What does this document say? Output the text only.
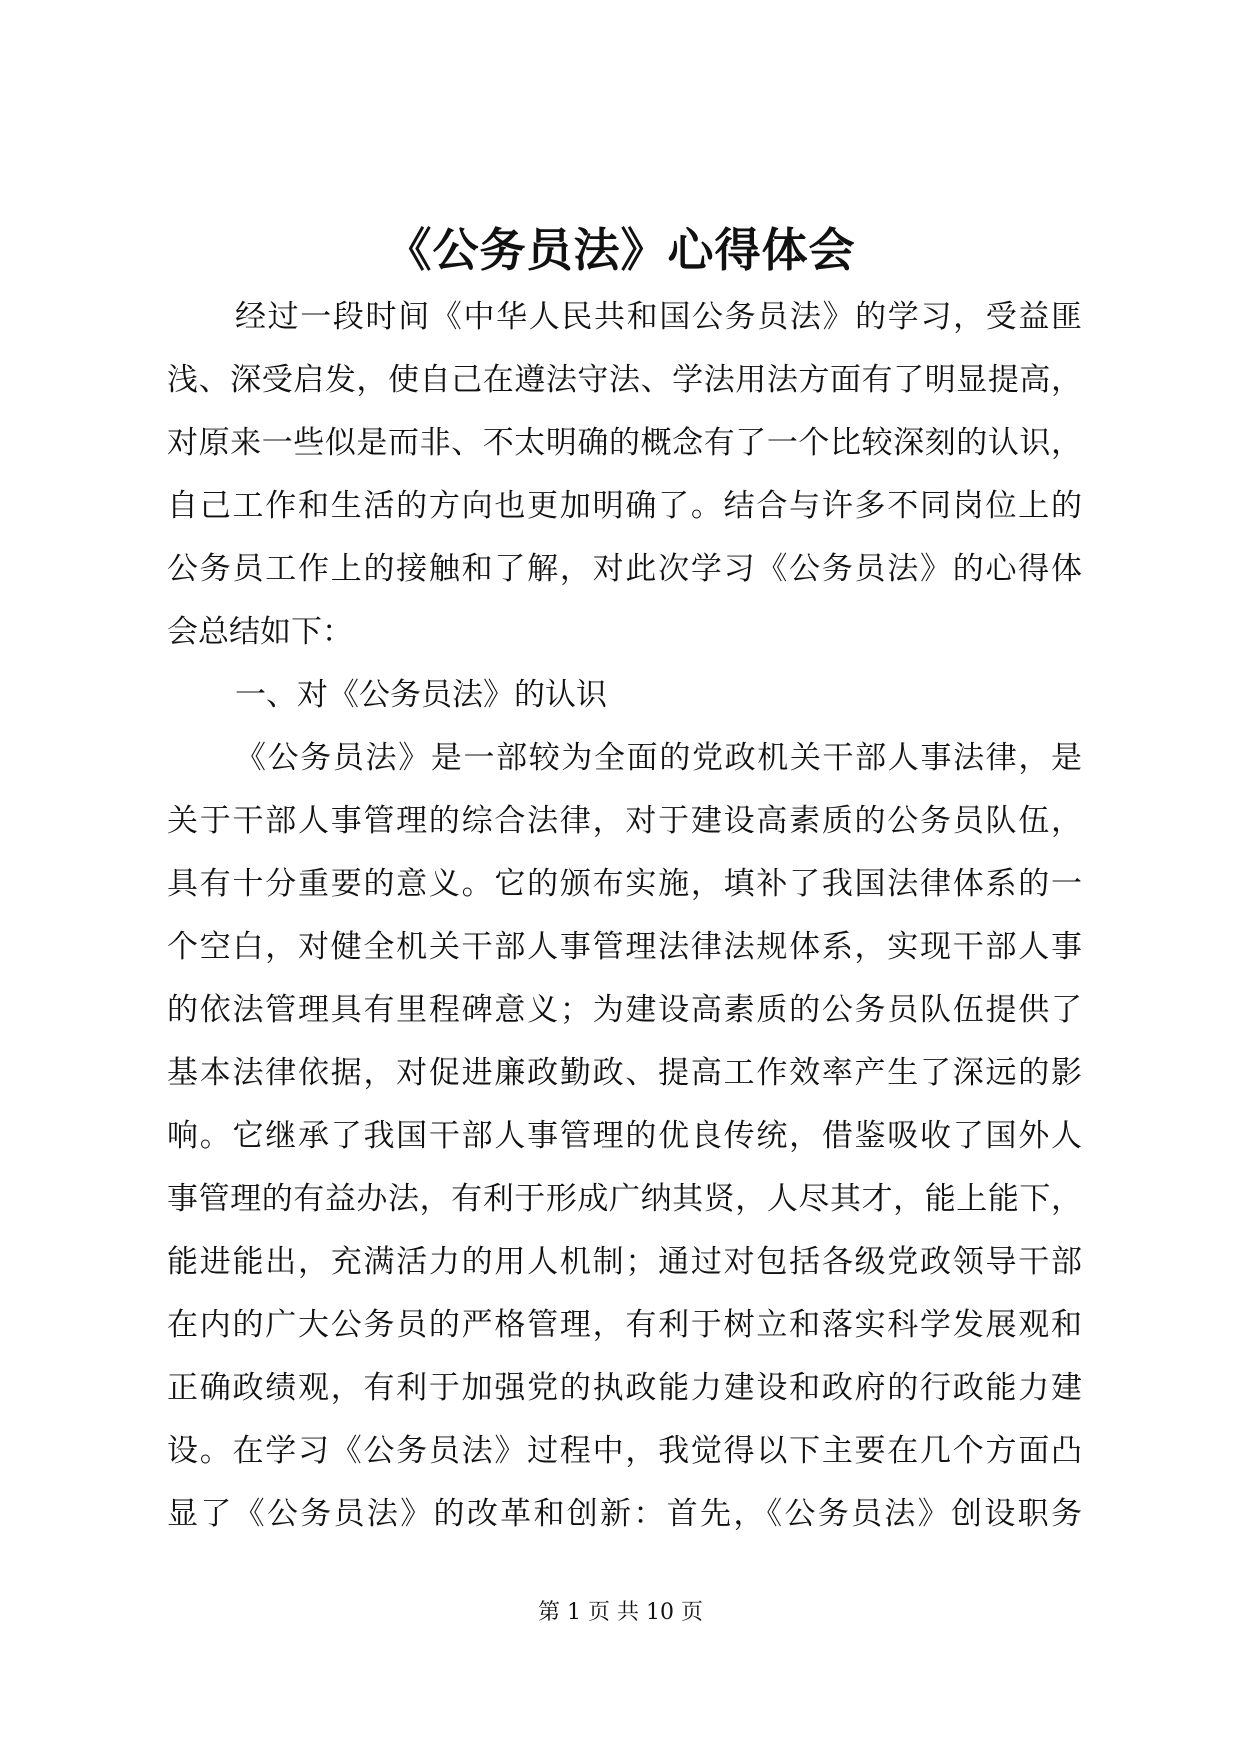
《公务员法》心得体会
经过一段时间《中华人民共和国公务员法》的学习，受益匪
浅、深受启发，使自己在遵法守法、学法用法方面有了明显提高，
对原来一些似是而非、不太明确的概念有了一个比较深刻的认识，
自己工作和生活的方向也更加明确了。结合与许多不同岗位上的
公务员工作上的接触和了解，对此次学习《公务员法》的心得体
会总结如下：
一、对《公务员法》的认识
《公务员法》是一部较为全面的党政机关干部人事法律，是
关于干部人事管理的综合法律，对于建设高素质的公务员队伍，
具有十分重要的意义。它的颁布实施，填补了我国法律体系的一
个空白，对健全机关干部人事管理法律法规体系，实现干部人事
的依法管理具有里程碑意义；为建设高素质的公务员队伍提供了
基本法律依据，对促进廉政勤政、提高工作效率产生了深远的影
响。它继承了我国干部人事管理的优良传统，借鉴吸收了国外人
事管理的有益办法，有利于形成广纳其贤，人尽其才，能上能下，
能进能出，充满活力的用人机制；通过对包括各级党政领导干部
在内的广大公务员的严格管理，有利于树立和落实科学发展观和
正确政绩观，有利于加强党的执政能力建设和政府的行政能力建
设。在学习《公务员法》过程中，我觉得以下主要在几个方面凸
显了《公务员法》的改革和创新：首先，《公务员法》创设职务
第 1 页 共 10 页
